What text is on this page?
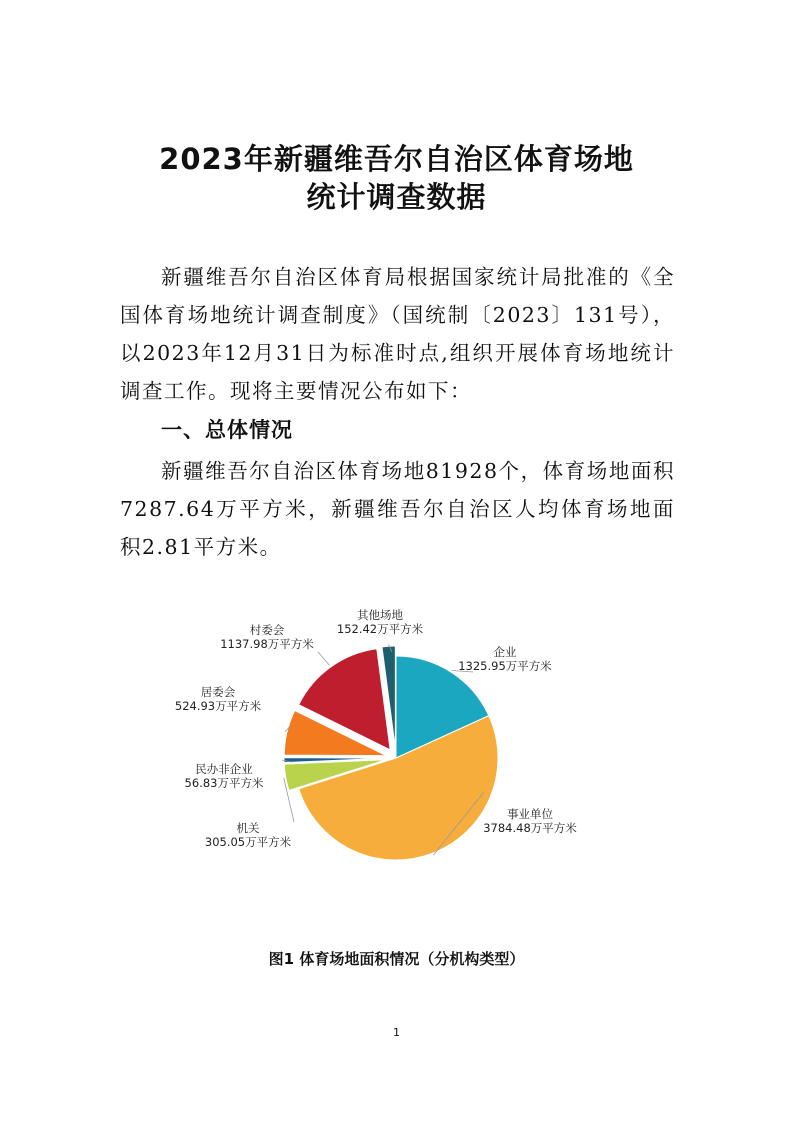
2023年新疆维吾尔自治区体育场地
统计调查数据
新疆维吾尔自治区体育局根据国家统计局批准的《全国体育场地统计调查制度》（国统制〔2023〕131号），以2023年12月31日为标准时点,组织开展体育场地统计调查工作。现将主要情况公布如下：
一、总体情况
新疆维吾尔自治区体育场地81928个，体育场地面积7287.64万平方米，新疆维吾尔自治区人均体育场地面积2.81平方米。
企业
1325.95万平方米
事业单位
3784.48万平方米
机关
305.05万平方米
民办非企业
56.83万平方米
居委会
524.93万平方米
村委会
1137.98万平方米
其他场地
152.42万平方米
图1 体育场地面积情况（分机构类型）
1
